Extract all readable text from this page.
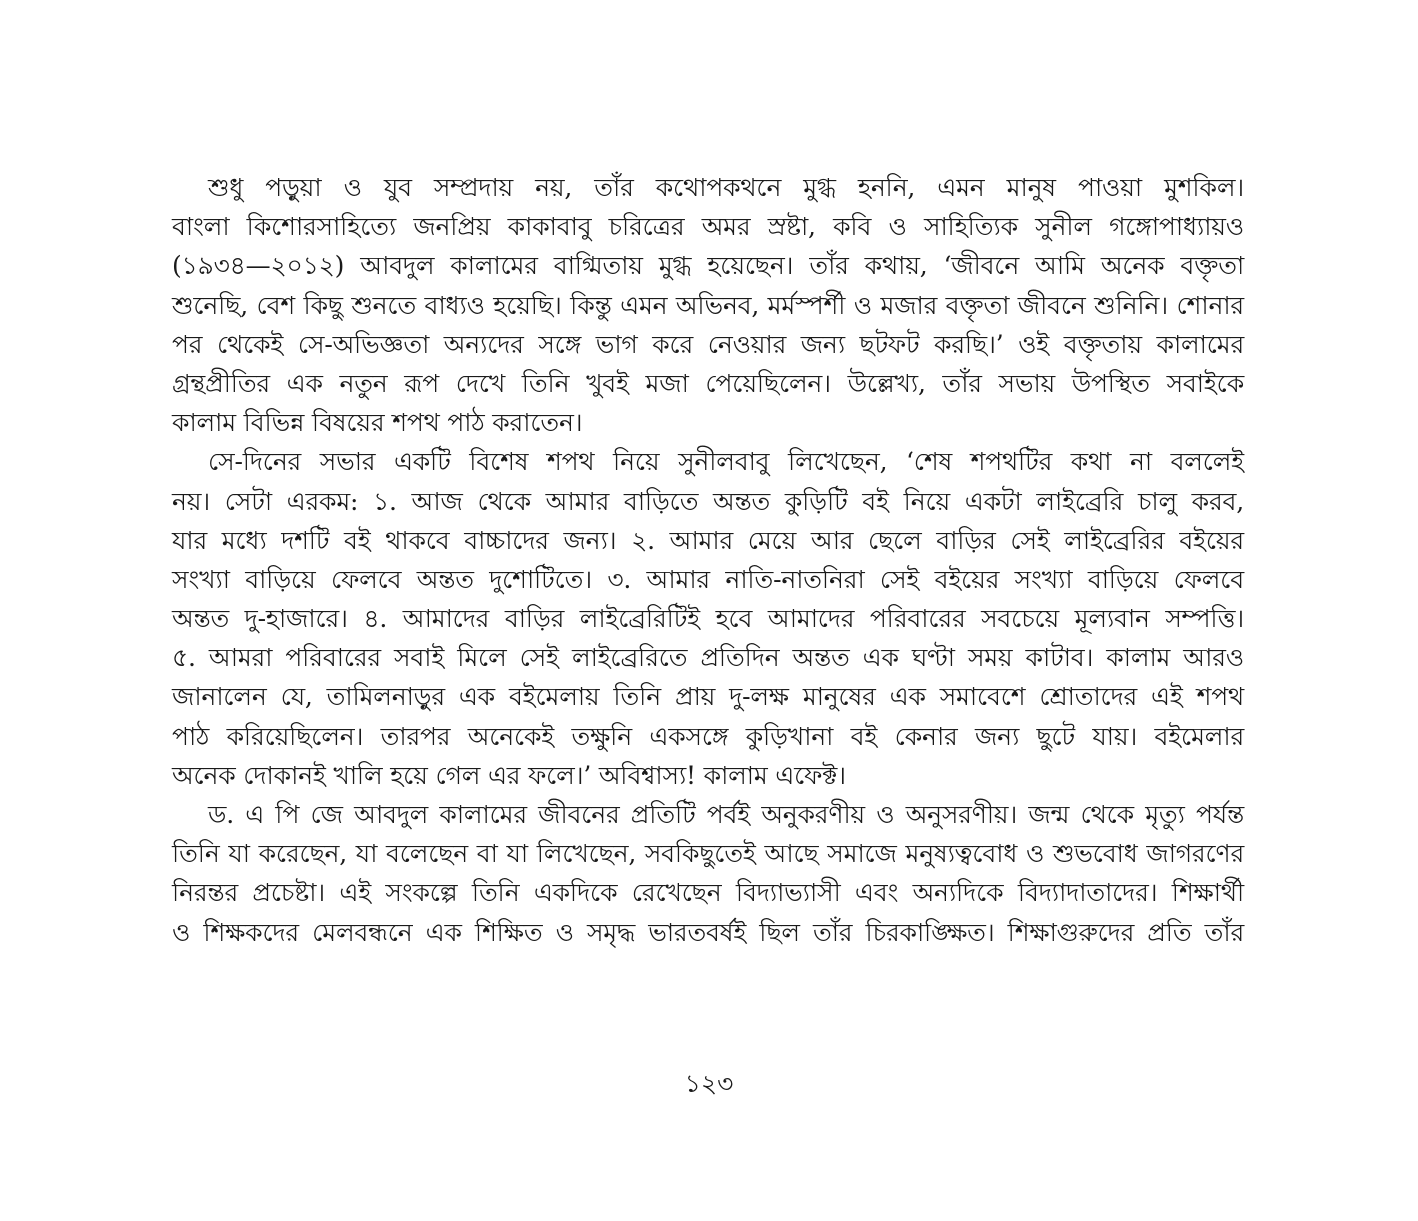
শুধু পড়ুয়া ও যুব সম্প্রদায় নয়, তাঁর কথোপকথনে মুগ্ধ হননি, এমন মানুষ পাওয়া মুশকিল।
বাংলা কিশোরসাহিত্যে জনপ্রিয় কাকাবাবু চরিত্রের অমর স্রষ্টা, কবি ও সাহিত্যিক সুনীল গঙ্গোপাধ্যায়ও
(১৯৩৪—২০১২) আবদুল কালামের বাগ্মিতায় মুগ্ধ হয়েছেন। তাঁর কথায়, ‘জীবনে আমি অনেক বক্তৃতা
শুনেছি, বেশ কিছু শুনতে বাধ্যও হয়েছি। কিন্তু এমন অভিনব, মর্মস্পর্শী ও মজার বক্তৃতা জীবনে শুনিনি। শোনার
পর থেকেই সে-অভিজ্ঞতা অন্যদের সঙ্গে ভাগ করে নেওয়ার জন্য ছটফট করছি।’ ওই বক্তৃতায় কালামের
গ্রন্থপ্রীতির এক নতুন রূপ দেখে তিনি খুবই মজা পেয়েছিলেন। উল্লেখ্য, তাঁর সভায় উপস্থিত সবাইকে
কালাম বিভিন্ন বিষয়ের শপথ পাঠ করাতেন।
সে-দিনের সভার একটি বিশেষ শপথ নিয়ে সুনীলবাবু লিখেছেন, ‘শেষ শপথটির কথা না বললেই
নয়। সেটা এরকম: ১. আজ থেকে আমার বাড়িতে অন্তত কুড়িটি বই নিয়ে একটা লাইব্রেরি চালু করব,
যার মধ্যে দশটি বই থাকবে বাচ্চাদের জন্য। ২. আমার মেয়ে আর ছেলে বাড়ির সেই লাইব্রেরির বইয়ের
সংখ্যা বাড়িয়ে ফেলবে অন্তত দুশোটিতে। ৩. আমার নাতি-নাতনিরা সেই বইয়ের সংখ্যা বাড়িয়ে ফেলবে
অন্তত দু-হাজারে। ৪. আমাদের বাড়ির লাইব্রেরিটিই হবে আমাদের পরিবারের সবচেয়ে মূল্যবান সম্পত্তি।
৫. আমরা পরিবারের সবাই মিলে সেই লাইব্রেরিতে প্রতিদিন অন্তত এক ঘণ্টা সময় কাটাব। কালাম আরও
জানালেন যে, তামিলনাড়ুর এক বইমেলায় তিনি প্রায় দু-লক্ষ মানুষের এক সমাবেশে শ্রোতাদের এই শপথ
পাঠ করিয়েছিলেন। তারপর অনেকেই তক্ষুনি একসঙ্গে কুড়িখানা বই কেনার জন্য ছুটে যায়। বইমেলার
অনেক দোকানই খালি হয়ে গেল এর ফলে।’ অবিশ্বাস্য! কালাম এফেক্ট।
ড. এ পি জে আবদুল কালামের জীবনের প্রতিটি পর্বই অনুকরণীয় ও অনুসরণীয়। জন্ম থেকে মৃত্যু পর্যন্ত
তিনি যা করেছেন, যা বলেছেন বা যা লিখেছেন, সবকিছুতেই আছে সমাজে মনুষ্যত্ববোধ ও শুভবোধ জাগরণের
নিরন্তর প্রচেষ্টা। এই সংকল্পে তিনি একদিকে রেখেছেন বিদ্যাভ্যাসী এবং অন্যদিকে বিদ্যাদাতাদের। শিক্ষার্থী
ও শিক্ষকদের মেলবন্ধনে এক শিক্ষিত ও সমৃদ্ধ ভারতবর্ষই ছিল তাঁর চিরকাঙ্ক্ষিত। শিক্ষাগুরুদের প্রতি তাঁর
১২৩
